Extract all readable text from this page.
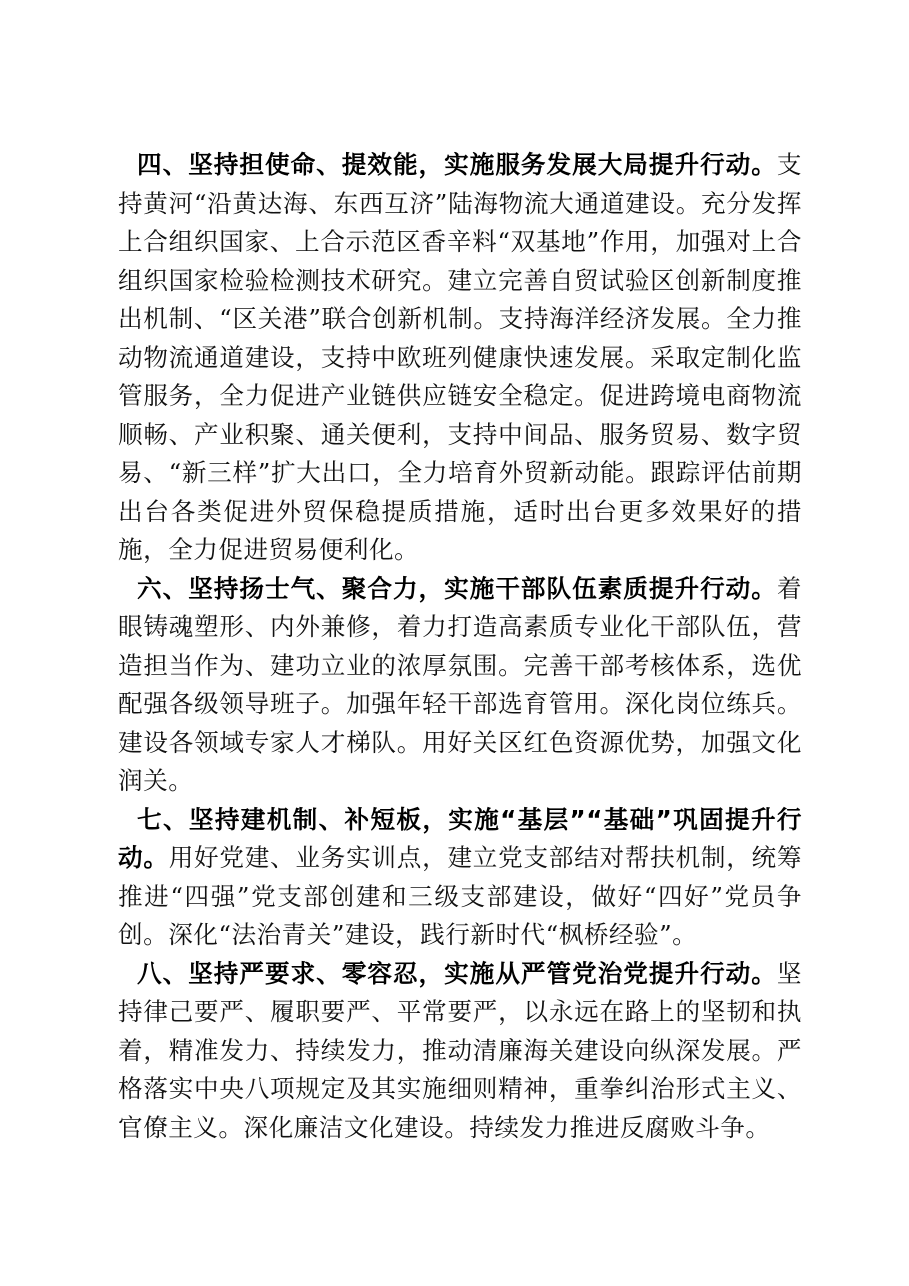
四、坚持担使命、提效能，实施服务发展大局提升行动。支持黄河“沿黄达海、东西互济”陆海物流大通道建设。充分发挥上合组织国家、上合示范区香辛料“双基地”作用，加强对上合组织国家检验检测技术研究。建立完善自贸试验区创新制度推出机制、“区关港”联合创新机制。支持海洋经济发展。全力推动物流通道建设，支持中欧班列健康快速发展。采取定制化监管服务，全力促进产业链供应链安全稳定。促进跨境电商物流顺畅、产业积聚、通关便利，支持中间品、服务贸易、数字贸易、“新三样”扩大出口，全力培育外贸新动能。跟踪评估前期出台各类促进外贸保稳提质措施，适时出台更多效果好的措施，全力促进贸易便利化。

六、坚持扬士气、聚合力，实施干部队伍素质提升行动。着眼铸魂塑形、内外兼修，着力打造高素质专业化干部队伍，营造担当作为、建功立业的浓厚氛围。完善干部考核体系，选优配强各级领导班子。加强年轻干部选育管用。深化岗位练兵。建设各领域专家人才梯队。用好关区红色资源优势，加强文化润关。

七、坚持建机制、补短板，实施“基层”“基础”巩固提升行动。用好党建、业务实训点，建立党支部结对帮扶机制，统筹推进“四强”党支部创建和三级支部建设，做好“四好”党员争创。深化“法治青关”建设，践行新时代“枫桥经验”。

八、坚持严要求、零容忍，实施从严管党治党提升行动。坚持律己要严、履职要严、平常要严，以永远在路上的坚韧和执着，精准发力、持续发力，推动清廉海关建设向纵深发展。严格落实中央八项规定及其实施细则精神，重拳纠治形式主义、官僚主义。深化廉洁文化建设。持续发力推进反腐败斗争。
